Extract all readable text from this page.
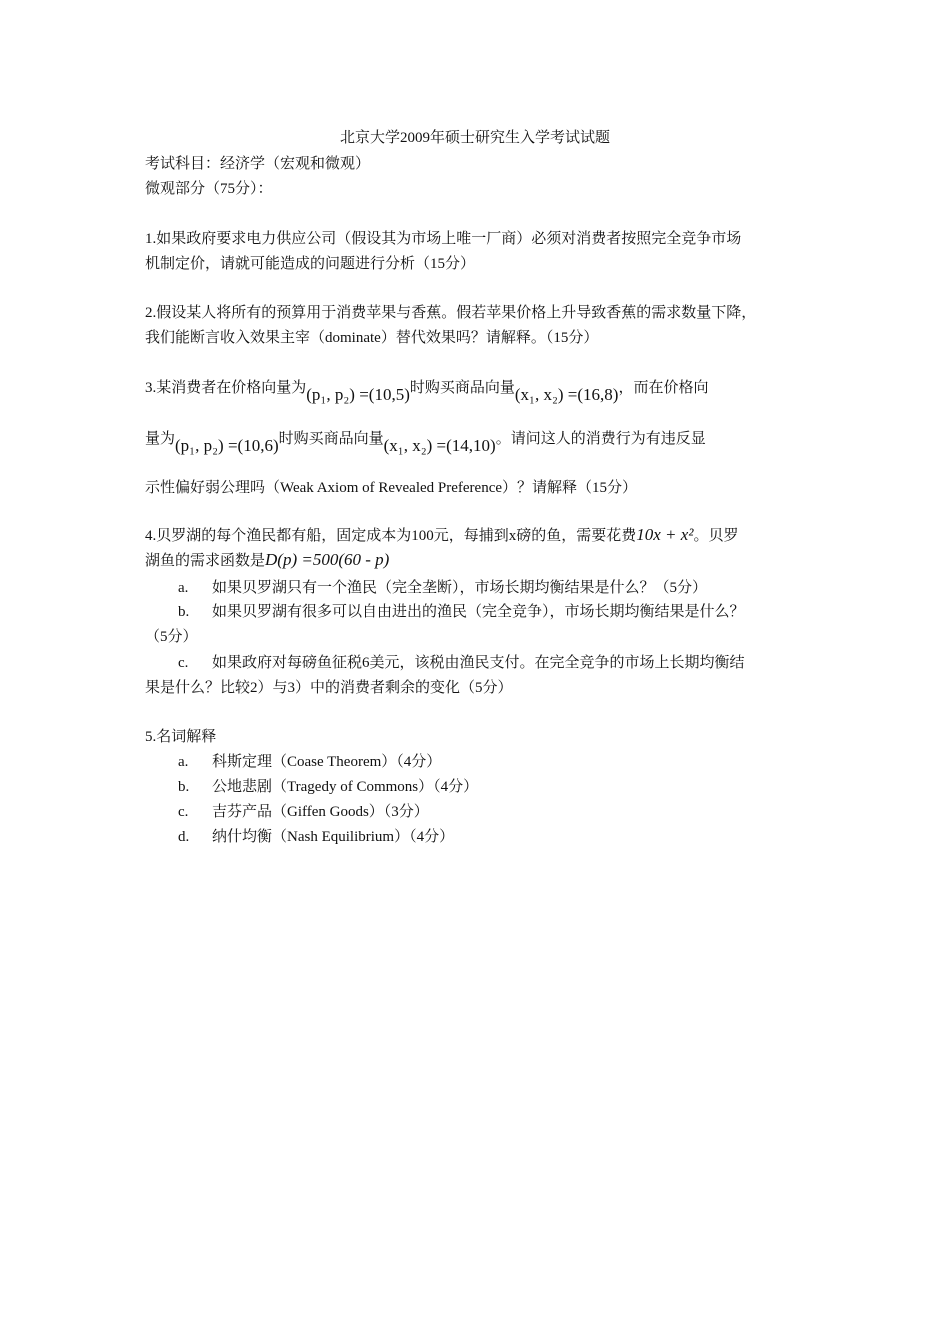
北京大学2009年硕士研究生入学考试试题
考试科目：经济学（宏观和微观）
微观部分（75分）：
1.如果政府要求电力供应公司（假设其为市场上唯一厂商）必须对消费者按照完全竞争市场
机制定价，请就可能造成的问题进行分析（15分）
2.假设某人将所有的预算用于消费苹果与香蕉。假若苹果价格上升导致香蕉的需求数量下降，
我们能断言收入效果主宰（dominate）替代效果吗？请解释。（15分）
3.某消费者在价格向量为(p₁, p₂) =(10,5)时购买商品向量(x₁, x₂) =(16,8)，而在价格向
量为(p₁, p₂) =(10,6)时购买商品向量(x₁, x₂) =(14,10)。请问这人的消费行为有违反显
示性偏好弱公理吗（Weak Axiom of Revealed Preference）？请解释（15分）
4.贝罗湖的每个渔民都有船，固定成本为100元，每捕到x磅的鱼，需要花费10x + x²。贝罗
湖鱼的需求函数是D(p) =500(60 - p)
a. 如果贝罗湖只有一个渔民（完全垄断），市场长期均衡结果是什么？（5分）
b. 如果贝罗湖有很多可以自由进出的渔民（完全竞争），市场长期均衡结果是什么？
（5分）
c. 如果政府对每磅鱼征税6美元，该税由渔民支付。在完全竞争的市场上长期均衡结
果是什么？比较2）与3）中的消费者剩余的变化（5分）
5.名词解释
a. 科斯定理（Coase Theorem）（4分）
b. 公地悲剧（Tragedy of Commons）（4分）
c. 吉芬产品（Giffen Goods）（3分）
d. 纳什均衡（Nash Equilibrium）（4分）
